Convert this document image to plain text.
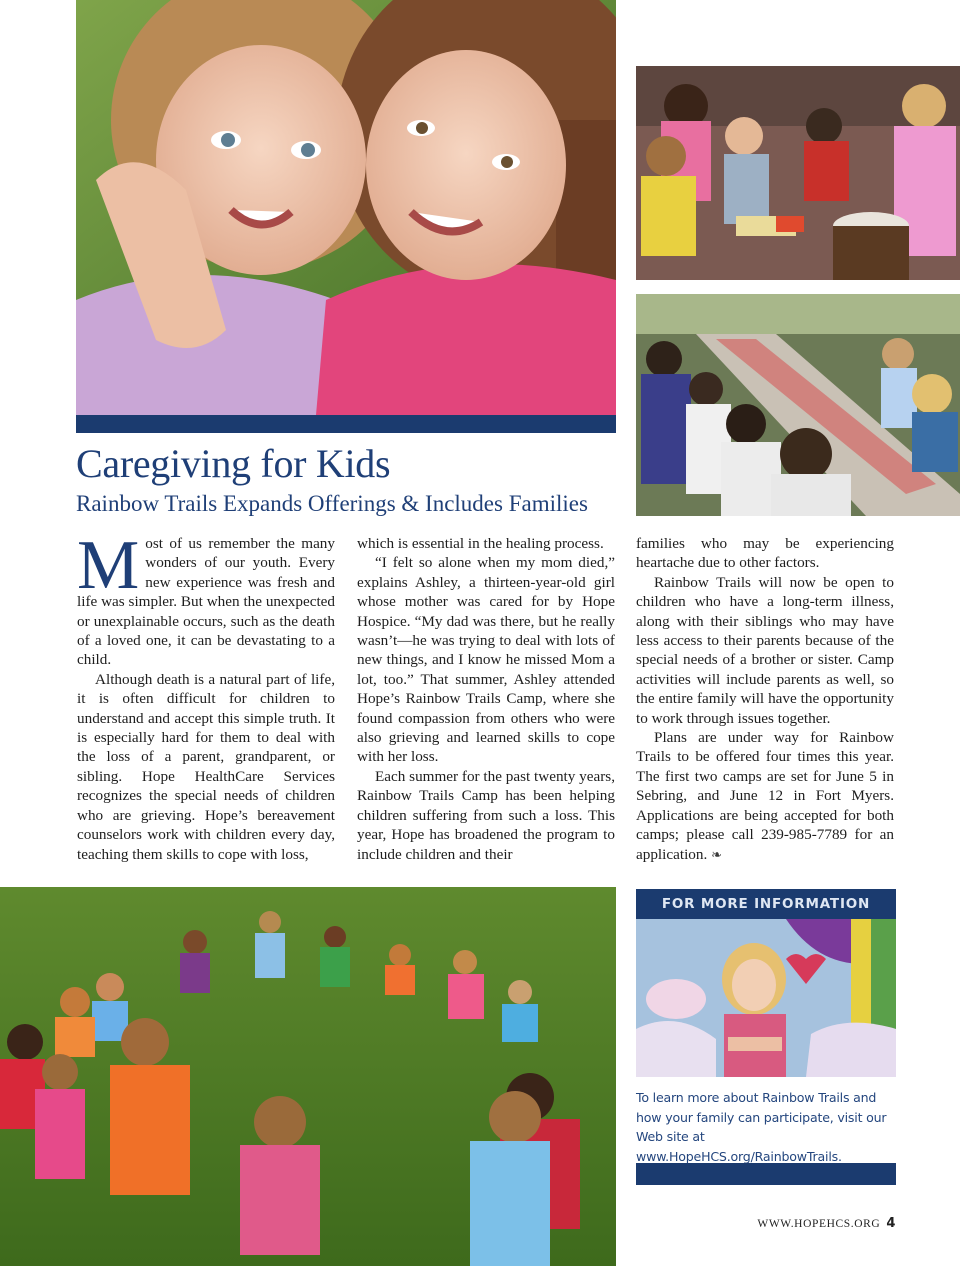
Caregiving for Kids
Rainbow Trails Expands Offerings & Includes Families

Most of us remember the many wonders of our youth. Every new experience was fresh and life was simpler. But when the unexpected or unexplainable occurs, such as the death of a loved one, it can be devastating to a child.

Although death is a natural part of life, it is often difficult for children to understand and accept this simple truth. It is especially hard for them to deal with the loss of a parent, grandparent, or sibling. Hope HealthCare Services recognizes the special needs of children who are grieving. Hope’s bereavement counselors work with children every day, teaching them skills to cope with loss,

which is essential in the healing process.

“I felt so alone when my mom died,” explains Ashley, a thirteen-year-old girl whose mother was cared for by Hope Hospice. “My dad was there, but he really wasn’t—he was trying to deal with lots of new things, and I know he missed Mom a lot, too.” That summer, Ashley attended Hope’s Rainbow Trails Camp, where she found compassion from others who were also grieving and learned skills to cope with her loss.

Each summer for the past twenty years, Rainbow Trails Camp has been helping children suffering from such a loss. This year, Hope has broadened the program to include children and their

families who may be experiencing heartache due to other factors.

Rainbow Trails will now be open to children who have a long-term illness, along with their siblings who may have less access to their parents because of the special needs of a brother or sister. Camp activities will include parents as well, so the entire family will have the opportunity to work through issues together.

Plans are under way for Rainbow Trails to be offered four times this year. The first two camps are set for June 5 in Sebring, and June 12 in Fort Myers. Applications are being accepted for both camps; please call 239-985-7789 for an application. ❧

FOR MORE INFORMATION

To learn more about Rainbow Trails and how your family can participate, visit our Web site at www.HopeHCS.org/RainbowTrails.

WWW.HOPEHCS.ORG 4
